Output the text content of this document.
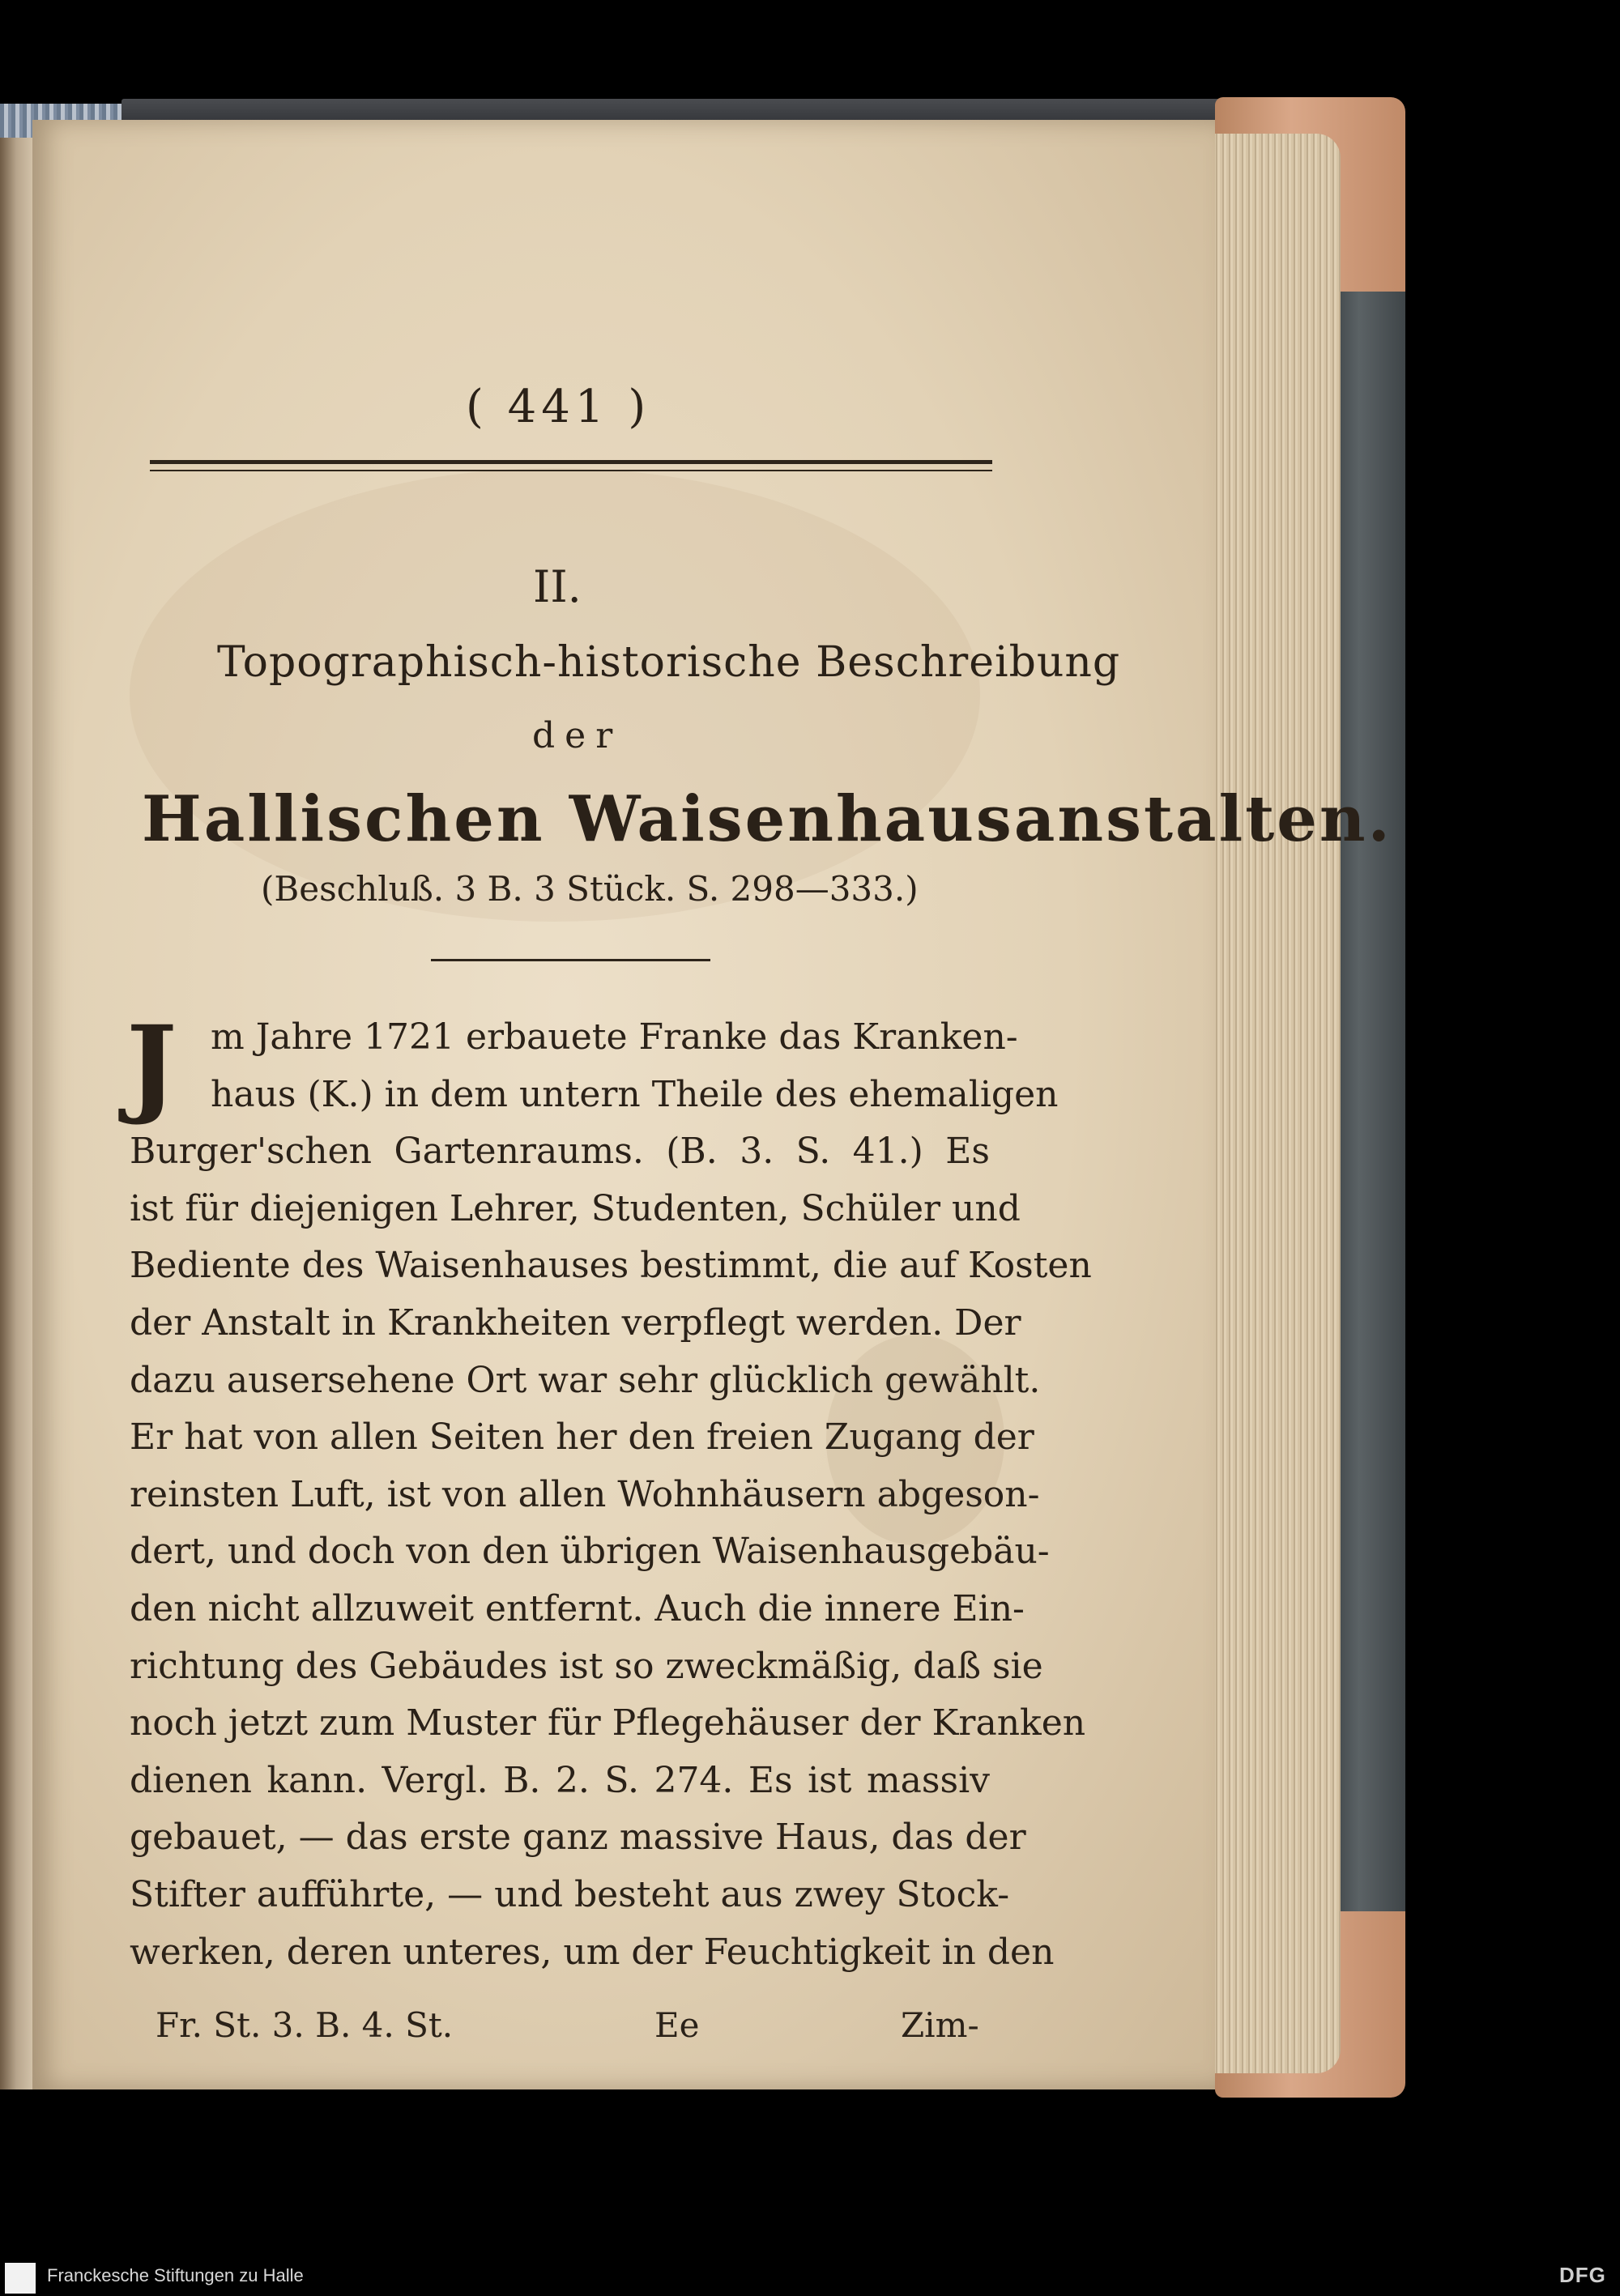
( 441 )
II.
Topographisch-historische Beschreibung
der
Hallischen Waisenhausanstalten.
(Beschluß. 3 B. 3 Stück. S. 298—333.)
J m Jahre 1721 erbauete Franke das Kranken-
haus (K.) in dem untern Theile des ehemaligen
Burger'schen Gartenraums. (B. 3. S. 41.) Es
ist für diejenigen Lehrer, Studenten, Schüler und
Bediente des Waisenhauses bestimmt, die auf Kosten
der Anstalt in Krankheiten verpflegt werden. Der
dazu ausersehene Ort war sehr glücklich gewählt.
Er hat von allen Seiten her den freien Zugang der
reinsten Luft, ist von allen Wohnhäusern abgeson-
dert, und doch von den übrigen Waisenhausgebäu-
den nicht allzuweit entfernt. Auch die innere Ein-
richtung des Gebäudes ist so zweckmäßig, daß sie
noch jetzt zum Muster für Pflegehäuser der Kranken
dienen kann. Vergl. B. 2. S. 274. Es ist massiv
gebauet, — das erste ganz massive Haus, das der
Stifter aufführte, — und besteht aus zwey Stock-
werken, deren unteres, um der Feuchtigkeit in den
Fr. St. 3. B. 4. St.	Ee	Zim-
Franckesche Stiftungen zu Halle	DFG
